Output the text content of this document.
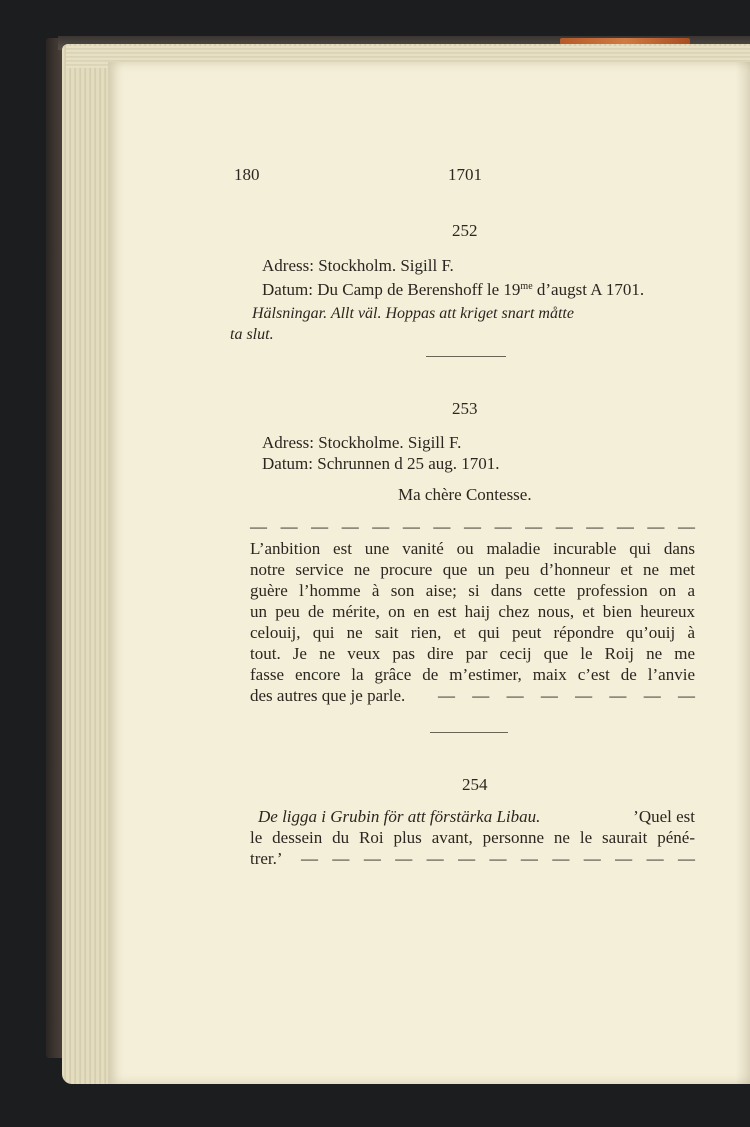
180	1701
252
Adress: Stockholm. Sigill F.
Datum: Du Camp de Berenshoff le $19^{me}$ d’augst A 1701.
Hälsningar. Allt väl. Hoppas att kriget snart måtte
ta slut.
253
Adress: Stockholme. Sigill F.
Datum: Schrunnen d 25 aug. 1701.
Ma chère Contesse.
— — — — — — — — — — — — — — —
L’anbition est une vanité ou maladie incurable qui dans
notre service ne procure que un peu d’honneur et ne met
guère l’homme à son aise; si dans cette profession on a
un peu de mérite, on en est haij chez nous, et bien heureux
celouij, qui ne sait rien, et qui peut répondre qu’ouij à
tout. Je ne veux pas dire par cecij que le Roij ne me
fasse encore la grâce de m’estimer, maix c’est de l’anvie
des autres que je parle. — — — — — — — —
254
De ligga i Grubin för att förstärka Libau.	’Quel est
le dessein du Roi plus avant, personne ne le saurait péné-
trer.’ — — — — — — — — — — — — —
